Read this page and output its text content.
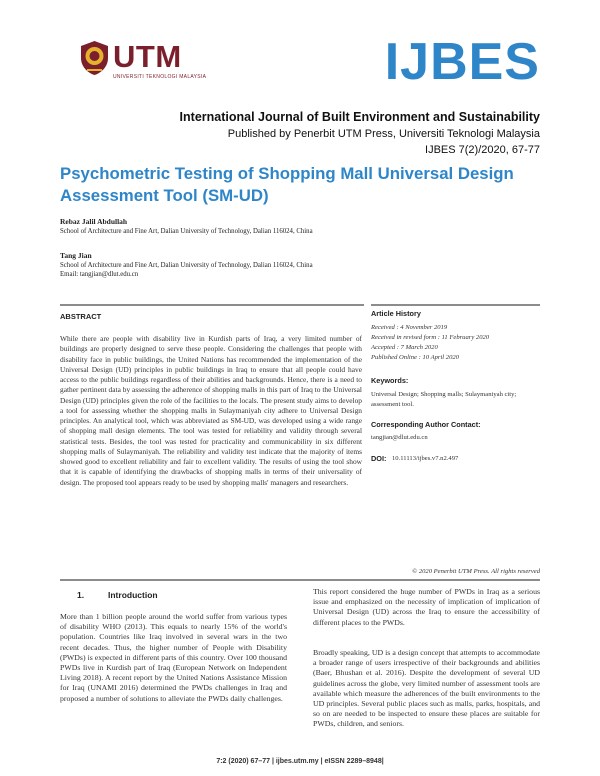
UTM
UNIVERSITI TEKNOLOGI MALAYSIA	IJBES
International Journal of Built Environment and Sustainability
Published by Penerbit UTM Press, Universiti Teknologi Malaysia
IJBES 7(2)/2020, 67-77
Psychometric Testing of Shopping Mall Universal Design Assessment Tool (SM-UD)
Rebaz Jalil Abdullah
School of Architecture and Fine Art, Dalian University of Technology, Dalian 116024, China
Tang Jian
School of Architecture and Fine Art, Dalian University of Technology, Dalian 116024, China
Email: tangjian@dlut.edu.cn
ABSTRACT
While there are people with disability live in Kurdish parts of Iraq, a very limited number of buildings are properly designed to serve these people. Considering the challenges that people with disability face in public buildings, the United Nations has recommended the implementation of the Universal Design (UD) principles in public buildings in Iraq to ensure that all people could have access to the public buildings regardless of their abilities and backgrounds. Hence, there is a need to gather pertinent data by assessing the adherence of shopping malls in this part of Iraq to the Universal Design (UD) principles given the role of the facilities to the locals. The present study aims to develop a tool for assessing whether the shopping malls in Sulaymaniyah city adhere to Universal Design principles. An analytical tool, which was abbreviated as SM-UD, was developed using a wide range of shopping mall design elements. The tool was tested for reliability and validity through several statistical tests. Besides, the tool was tested for practicality and communicability in six different shopping malls of Sulaymaniyah. The reliability and validity test indicate that the majority of items showed good to excellent reliability and fair to excellent validity. The results of using the tool show that it is capable of identifying the drawbacks of shopping malls in terms of their universality of design. The proposed tool appears ready to be used by shopping malls' managers and researchers.
Article History
Received : 4 November 2019
Received in revised form : 11 February 2020
Accepted : 7 March 2020
Published Online : 10 April 2020
Keywords:
Universal Design; Shopping malls; Sulaymaniyah city; assessment tool.
Corresponding Author Contact:
tangjian@dlut.edu.cn
DOI: 10.11113/ijbes.v7.n2.497
© 2020 Penerbit UTM Press. All rights reserved
1.	Introduction
More than 1 billion people around the world suffer from various types of disability WHO (2013). This equals to nearly 15% of the world's population. Countries like Iraq involved in several wars in the two recent decades. Thus, the higher number of People with Disability (PWDs) is expected in different parts of this country. Over 100 thousand PWDs live in Kurdish part of Iraq (European Network on Independent Living 2018). A recent report by the United Nations Assistance Mission for Iraq (UNAMI 2016) determined the PWDs challenges in Iraq and proposed a number of solutions to alleviate the PWDs daily challenges.
This report considered the huge number of PWDs in Iraq as a serious issue and emphasized on the necessity of implication of implication of Universal Design (UD) across the Iraq to ensure the accessibility of different places to the PWDs.
Broadly speaking, UD is a design concept that attempts to accommodate a broader range of users irrespective of their backgrounds and abilities (Baer, Bhushan et al. 2016). Despite the development of several UD guidelines across the globe, very limited number of assessment tools are available which measure the adherences of the built environments to the UD principles. Several public places such as malls, parks, hospitals, and so on are needed to be inspected to ensure these places are suitable for PWDs, children, and seniors.
7:2 (2020) 67–77 | ijbes.utm.my | eISSN 2289–8948|
